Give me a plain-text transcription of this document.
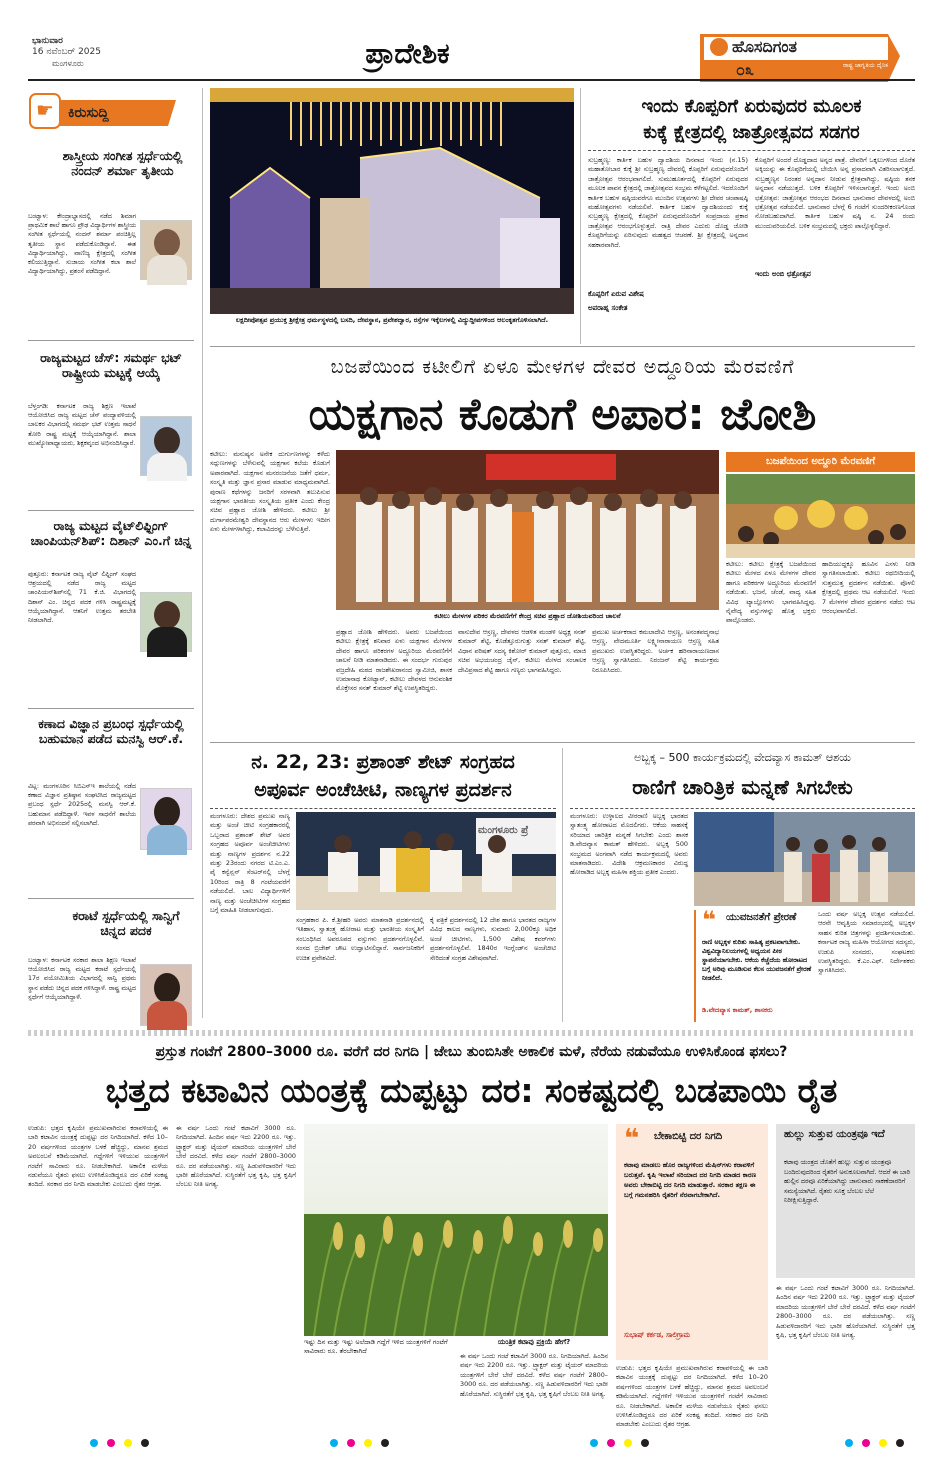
ಭಾನುವಾರ
16 ನವೆಂಬರ್ 2025
ಮಂಗಳೂರು	ಪ್ರಾದೇಶಿಕ	ಹೊಸದಿಗಂತ
ರಾಷ್ಟ್ರ ಜಾಗೃತಿಯ ದೈನಿಕ
೦೩
☛ ಕಿರುಸುದ್ದಿ
ಶಾಸ್ತ್ರೀಯ ಸಂಗೀತ ಸ್ಪರ್ಧೆಯಲ್ಲಿ ನಂದನ್ ಶರ್ಮಾ ತೃತೀಯ
ಬಂಟ್ವಾಳ: ಕೇಂದ್ರಾಭ್ಯಾಸದಲ್ಲಿ ನಡೆದ ಶಿಮಾಗ ಪ್ರಾಥಮಿಕ ಶಾಲೆ ಹಾಗೂ ಪ್ರೌಢ ವಿದ್ಯಾರ್ಥಿಗಳ ಶಾಸ್ತ್ರೀಯ ಸಂಗೀತ ಸ್ಪರ್ಧೆಯಲ್ಲಿ ನಂದನ್ ಶರ್ಮಾ ಪಂಚಿತ್ತಿಲ್ಲ ತೃತೀಯ ಸ್ಥಾನ ಪಡೆದುಕೊಂಡಿದ್ದಾನೆ. ಈತ ವಿದ್ಯಾರ್ಥಿಯಾಗಿದ್ದು, ವಾಣಿಜ್ಯ ಕ್ಷೇತ್ರದಲ್ಲಿ ಸಂಗೀತ ಕಲಿಯುತ್ತಿದ್ದಾನೆ. ಸುಜಾಯ ಸಂಗೀತ ಕಲಾ ಶಾಲೆ ವಿದ್ಯಾರ್ಥಿಯಾಗಿದ್ದು, ಪ್ರಶಂಸೆ ಪಡೆದಿದ್ದಾನೆ.
ರಾಜ್ಯಮಟ್ಟದ ಚೆಸ್: ಸಮರ್ಥ ಭಟ್ ರಾಷ್ಟ್ರೀಯ ಮಟ್ಟಕ್ಕೆ ಆಯ್ಕೆ
ಬೆಳ್ತಂಗಡಿ: ಕರ್ನಾಟಕ ರಾಜ್ಯ ಶಿಕ್ಷಣ ಇಲಾಖೆ ಆಯೋಜಿಸಿದ ರಾಜ್ಯ ಮಟ್ಟದ ಚೆಸ್ ಪಂದ್ಯಾವಳಿಯಲ್ಲಿ ಬಾಲಕರ ವಿಭಾಗದಲ್ಲಿ ಸಮರ್ಥ ಭಟ್ ಉತ್ತಮ ಸಾಧನೆ ತೋರಿ ರಾಷ್ಟ್ರ ಮಟ್ಟಕ್ಕೆ ಆಯ್ಕೆಯಾಗಿದ್ದಾನೆ. ಶಾಲಾ ಮುಖ್ಯೋಪಾಧ್ಯಾಯರು, ಶಿಕ್ಷಕವೃಂದ ಅಭಿನಂದಿಸಿದ್ದಾರೆ.
ರಾಜ್ಯ ಮಟ್ಟದ ವೈಟ್‌ಲಿಫ್ಟಿಂಗ್ ಚಾಂಪಿಯನ್‌ಶಿಪ್: ದಿಶಾನ್ ಎಂ.ಗೆ ಚಿನ್ನ
ಪುತ್ತೂರು: ಕರ್ನಾಟಕ ರಾಜ್ಯ ವೈಟ್ ಲಿಫ್ಟಿಂಗ್ ಸಂಘದ ಆಶ್ರಯದಲ್ಲಿ ನಡೆದ ರಾಜ್ಯ ಮಟ್ಟದ ಚಾಂಪಿಯನ್‌ಶಿಪ್‌ನಲ್ಲಿ 71 ಕೆ.ಜಿ. ವಿಭಾಗದಲ್ಲಿ ದಿಶಾನ್ ಎಂ. ಚಿನ್ನದ ಪದಕ ಗಳಿಸಿ ರಾಷ್ಟ್ರಮಟ್ಟಕ್ಕೆ ಆಯ್ಕೆಯಾಗಿದ್ದಾನೆ. ಆತನಿಗೆ ಉತ್ತಮ ತರಬೇತಿ ನೀಡಲಾಗಿದೆ.
ಕಣಾದ ವಿಜ್ಞಾನ ಪ್ರಬಂಧ ಸ್ಪರ್ಧೆಯಲ್ಲಿ ಬಹುಮಾನ ಪಡೆದ ಮನಸ್ವಿ ಆರ್.ಕೆ.
ವಿಟ್ಲ: ಮಂಗಳೂರಿನ ಸಿಬಿಎಸ್‌ಇ ಶಾಲೆಯಲ್ಲಿ ನಡೆದ ಕಣಾದ ವಿಜ್ಞಾನ ಪ್ರತಿಷ್ಠಾನ ಸಂಘಟಿಸಿದ ರಾಜ್ಯಮಟ್ಟದ ಪ್ರಬಂಧ ಸ್ಪರ್ಧೆ 2025ರಲ್ಲಿ ಮನಸ್ವಿ ಆರ್.ಕೆ. ಬಹುಮಾನ ಪಡೆದಿದ್ದಾಳೆ. ಇವಳ ಸಾಧನೆಗೆ ಶಾಲೆಯ ಪರವಾಗಿ ಅಭಿನಂದನೆ ಸಲ್ಲಿಸಲಾಗಿದೆ.
ಕರಾಟೆ ಸ್ಪರ್ಧೆಯಲ್ಲಿ ಸಾನ್ವಿಗೆ ಚಿನ್ನದ ಪದಕ
ಬಂಟ್ವಾಳ: ಕರ್ನಾಟಕ ಸರಕಾರ ಶಾಲಾ ಶಿಕ್ಷಣ ಇಲಾಖೆ ಆಯೋಜಿಸಿದ ರಾಜ್ಯ ಮಟ್ಟದ ಕರಾಟೆ ಸ್ಪರ್ಧೆಯಲ್ಲಿ 17ರ ವಯೋಮಿತಿಯ ವಿಭಾಗದಲ್ಲಿ ಸಾನ್ವಿ ಪ್ರಥಮ ಸ್ಥಾನ ಪಡೆದು ಚಿನ್ನದ ಪದಕ ಗಳಿಸಿದ್ದಾಳೆ. ರಾಷ್ಟ್ರ ಮಟ್ಟದ ಸ್ಪರ್ಧೆಗೆ ಆಯ್ಕೆಯಾಗಿದ್ದಾಳೆ.
ಲಕ್ಷದೀಪೋತ್ಸವ ಪ್ರಯುಕ್ತ ಶ್ರೀಕ್ಷೇತ್ರ ಧರ್ಮಸ್ಥಳದಲ್ಲಿ ಬಸದಿ, ದೇವಸ್ಥಾನ, ಪ್ರವೇಶದ್ವಾರ, ರಸ್ತೆಗಳ ಇಕ್ಕೆಲಗಳಲ್ಲಿ ವಿದ್ಯುದ್ದೀಪಗಳಿಂದ ಆಲಂಕೃತಗೊಳಿಸಲಾಗಿದೆ.
ಇಂದು ಕೊಪ್ಪರಿಗೆ ಏರುವುದರ ಮೂಲಕ
ಕುಕ್ಕೆ ಕ್ಷೇತ್ರದಲ್ಲಿ ಜಾತ್ರೋತ್ಸವದ ಸಡಗರ
ಸುಬ್ರಹ್ಮಣ್ಯ: ಕಾರ್ತಿಕ ಬಹುಳ ದ್ವಾದಶಿಯ ದಿನವಾದ ಇಂದು (ನ.15) ಮಹಾತೋಬಾರ ಕುಕ್ಕೆ ಶ್ರೀ ಸುಬ್ರಹ್ಮಣ್ಯ ದೇವರಲ್ಲಿ ಕೊಪ್ಪರಿಗೆ ಏರುವುದರೊಂದಿಗೆ ಜಾತ್ರೋತ್ಸವ ಆರಂಭವಾಗಲಿದೆ. ಸುಮುಹೂರ್ತದಲ್ಲಿ ಕೊಪ್ಪರಿಗೆ ಏರುವುದರ ಮೂಲಕ ಪಾವನ ಕ್ಷೇತ್ರದಲ್ಲಿ ಜಾತ್ರೋತ್ಸವದ ಸಂಭ್ರಮ ಕಳೆಗಟ್ಟಲಿದೆ. ಇದರೊಂದಿಗೆ ಕಾರ್ತಿಕ ಬಹುಳ ಷಷ್ಠಿಯವರೆಗೂ ಮುಂದಿನ ಉತ್ಸವಗಳು ಶ್ರೀ ದೇವರ ಚಂಪಾಷಷ್ಠಿ ಮಹೋತ್ಸವಗಳು ನಡೆಯಲಿವೆ. ಕಾರ್ತಿಕ ಬಹುಳ ದ್ವಾದಶಿಯಂದು ಕುಕ್ಕೆ ಸುಬ್ರಹ್ಮಣ್ಯ ಕ್ಷೇತ್ರದಲ್ಲಿ ಕೊಪ್ಪರಿಗೆ ಏರುವುದರೊಂದಿಗೆ ಸಂಪ್ರದಾಯ ಪ್ರಕಾರ ಜಾತ್ರೋತ್ಸವ ಆರಂಭಗೊಳ್ಳುತ್ತದೆ. ರಾತ್ರಿ ದೇವರ ಎದುರು ದೊಡ್ಡ ಜೋಡಿ ಕೊಪ್ಪರಿಗೆಯನ್ನು ಏರಿಸುವುದು ಮಹತ್ವದ ಆಚರಣೆ. ಶ್ರೀ ಕ್ಷೇತ್ರದಲ್ಲಿ ಅನ್ನದಾನ ಸಹಕಾರವಾಗಿದೆ.
ಕೊಪ್ಪರಿಗೆ ಏರುವ ವಿಶೇಷ
ಅಪರಾಹ್ನ ಸಂಕೇತ
ಕೊಪ್ಪರಿಗೆ ಅಂದರೆ ದೊಡ್ಡದಾದ ಅನ್ನದ ಪಾತ್ರೆ. ದೇವರಿಗೆ ಒಕ್ಕಲುಗಳಿಂದ ದೊರೆತ ಅಕ್ಕಿಯನ್ನು ಈ ಕೊಪ್ಪರಿಗೆಯಲ್ಲಿ ಬೇಯಿಸಿ ಅನ್ನ ಪ್ರಸಾದವಾಗಿ ವಿತರಿಸಲಾಗುತ್ತದೆ. ಸುಬ್ರಹ್ಮಣ್ಯನ ನಿರಂತರ ಅನ್ನದಾನ ನೀಡುವ ಕ್ಷೇತ್ರವಾಗಿದ್ದು, ಷಷ್ಠಿಯ ತನಕ ಅನ್ನದಾನ ನಡೆಯುತ್ತದೆ. ಬಳಿಕ ಕೊಪ್ಪರಿಗೆ ಇಳಿಸಲಾಗುತ್ತದೆ. ಇಂದು ಅಂಬಿ ಛತ್ರೋತ್ಸವ: ಜಾತ್ರೋತ್ಸವ ಆರಂಭದ ದಿನವಾದ ಭಾನುವಾರ ದೇವಳದಲ್ಲಿ ಅಂಬಿ ಛತ್ರೋತ್ಸವ ನಡೆಯಲಿದೆ. ಭಾನುವಾರ ಬೆಳಗ್ಗೆ 6 ಗಂಟೆಗೆ ಸುಂದರೀಕರಣಗೊಂಡ ನೋಡಬಹುದಾಗಿದೆ. ಕಾರ್ತಿಕ ಬಹುಳ ಷಷ್ಠಿ ನ. 24 ರಂದು ಮುಂದುವರಿಯಲಿದೆ. ಬಳಿಕ ಸಂಭ್ರಮದಲ್ಲಿ ಭಕ್ತರು ಪಾಲ್ಗೊಳ್ಳಲಿದ್ದಾರೆ.
ಇಂದು ಅಂಬಿ ಛತ್ರೋತ್ಸವ
ಬಜಪೆಯಿಂದ ಕಟೀಲಿಗೆ ಏಳೂ ಮೇಳಗಳ ದೇವರ ಅದ್ದೂರಿಯ ಮೆರವಣಿಗೆ
ಯಕ್ಷಗಾನ ಕೊಡುಗೆ ಅಪಾರ: ಜೋಶಿ
ಕಟೀಲು: ಮನುಷ್ಯನ ಅನೇಕ ದುರ್ಗುಣಗಳನ್ನು ಕಳೆದು ಸದ್ಗುಣಗಳನ್ನು ಬೆಳೆಸುವಲ್ಲಿ ಯಕ್ಷಗಾನ ಕಲೆಯ ಕೊಡುಗೆ ಅಪಾರವಾಗಿದೆ. ಯಕ್ಷಗಾನ ಮನರಂಜನೆಯ ಜತೆಗೆ ಧರ್ಮ, ಸಂಸ್ಕೃತಿ ಮತ್ತು ಜ್ಞಾನ ಪ್ರಸಾರ ಮಾಡುವ ಮಾಧ್ಯಮವಾಗಿದೆ. ಪುರಾಣ ಕಥೆಗಳನ್ನು ಜನರಿಗೆ ಸರಳವಾಗಿ ತಲುಪಿಸುವ ಯಕ್ಷಗಾನ ಭಾರತೀಯ ಸಂಸ್ಕೃತಿಯ ಪ್ರತೀಕ ಎಂದು ಕೇಂದ್ರ ಸಚಿವ ಪ್ರಹ್ಲಾದ ಜೋಶಿ ಹೇಳಿದರು. ಕಟೀಲು ಶ್ರೀ ದುರ್ಗಾಪರಮೇಶ್ವರಿ ದೇವಸ್ಥಾನದ ಆರು ಮೇಳಗಳು ಇದೀಗ ಏಳು ಮೇಳಗಳಾಗಿದ್ದು, ಕಲಾವಿದರನ್ನು ಬೆಳೆಸುತ್ತಿವೆ.
ಕಟೀಲು ಮೇಳಗಳ ಪರಿಕರ ಮೆರವಣಿಗೆಗೆ ಕೇಂದ್ರ ಸಚಿವ ಪ್ರಹ್ಲಾದ ಜೋಶಿಯವರಿಂದ ಚಾಲನೆ
ಪ್ರಹ್ಲಾದ ಜೋಶಿ ಹೇಳಿದರು. ಅವರು ಬಜಪೆಯಿಂದ ಕಟೀಲು ಕ್ಷೇತ್ರಕ್ಕೆ ಶನಿವಾರ ಏಳು ಯಕ್ಷಗಾನ ಮೇಳಗಳ ದೇವರ ಹಾಗೂ ಪರಿಕರಗಳ ಅದ್ದೂರಿಯ ಮೆರವಣಿಗೆಗೆ ಚಾಲನೆ ನೀಡಿ ಮಾತನಾಡಿದರು. ಈ ಸಂದರ್ಭ ಗುರುಪುರ ವಜ್ರದೇಹಿ ಮಠದ ರಾಜಶೇಖರಾನಂದ ಸ್ವಾಮೀಜಿ, ಶಾಸಕ ಉಮಾನಾಥ ಕೋಟ್ಯಾನ್, ಕಟೀಲು ದೇವಳದ ಆನುವಂಶಿಕ ಮೊಕ್ತೇಸರ ಸನತ್ ಕುಮಾರ್ ಶೆಟ್ಟಿ ಉಪಸ್ಥಿತರಿದ್ದರು.
ವಾಸುದೇವ ಆಸ್ರಣ್ಣ, ದೇವಳದ ಆಡಳಿತ ಮಂಡಳಿ ಅಧ್ಯಕ್ಷ ಸನತ್ ಕುಮಾರ್ ಶೆಟ್ಟಿ, ಕೊಡೆತ್ತೂರುಗುತ್ತು ಸನತ್ ಕುಮಾರ್ ಶೆಟ್ಟಿ, ವಿಧಾನ ಪರಿಷತ್ ಸದಸ್ಯ ಕಿಶೋರ್ ಕುಮಾರ್ ಪುತ್ತೂರು, ಮಾಜಿ ಸಚಿವ ಅಭಯಚಂದ್ರ ಜೈನ್, ಕಟೀಲು ಮೇಳದ ಸಂಚಾಲಕ ದೇವಿಪ್ರಸಾದ ಶೆಟ್ಟಿ ಹಾಗೂ ಗಣ್ಯರು ಭಾಗವಹಿಸಿದ್ದರು.
ಪ್ರಮುಖ ಅರ್ಚಕರಾದ ಕಮಲಾದೇವಿ ಆಸ್ರಣ್ಣ, ಅನಂತಪದ್ಮನಾಭ ಆಸ್ರಣ್ಣ, ವೇದಮೂರ್ತಿ ಲಕ್ಷ್ಮೀನಾರಾಯಣ ಆಸ್ರಣ್ಣ ಸಹಿತ ಪ್ರಮುಖರು ಉಪಸ್ಥಿತರಿದ್ದರು. ಅರ್ಚಕ ಹರಿನಾರಾಯಣದಾಸ ಆಸ್ರಣ್ಣ ಸ್ವಾಗತಿಸಿದರು. ನಿರಂಜನ್ ಶೆಟ್ಟಿ ಕಾರ್ಯಕ್ರಮ ನಿರೂಪಿಸಿದರು.
ಬಜಪೆಯಿಂದ ಅದ್ದೂರಿ ಮೆರವಣಿಗೆ
ಕಟೀಲು: ಕಟೀಲು ಕ್ಷೇತ್ರಕ್ಕೆ ಬಜಪೆಯಿಂದ ಕಟೀಲು ಮೇಳದ ಏಳೂ ಮೇಳಗಳ ದೇವರ ಹಾಗೂ ಪರಿಕರಗಳ ಅದ್ದೂರಿಯ ಮೆರವಣಿಗೆ ನಡೆಯಿತು. ಭಜನೆ, ಚೆಂಡೆ, ವಾದ್ಯ ಸಹಿತ ವಿವಿಧ ಟ್ಯಾಬ್ಲೋಗಳು ಭಾಗವಹಿಸಿದ್ದವು. ನೈವೇದ್ಯ ವಸ್ತುಗಳನ್ನು ಹೊತ್ತ ಭಕ್ತರು ಪಾಲ್ಗೊಂಡರು.
ಹಾದಿಯುದ್ದಕ್ಕೂ ಹೂವಿನ ಎಸಳು ನೀಡಿ ಸ್ವಾಗತಿಸಲಾಯಿತು. ಕಟೀಲು ರಥಬೀದಿಯಲ್ಲಿ ಸುತ್ತಮುತ್ತ ಪ್ರದರ್ಶನ ನಡೆಯಿತು. ಪೊಳಲಿ ಕ್ಷೇತ್ರದಲ್ಲಿ ಪ್ರಥಮ ಆಟ ನಡೆಯಲಿದೆ. ಇಂದು 7 ಮೇಳಗಳ ದೇವರ ಪ್ರದರ್ಶನ ನಡೆದು ಆಟ ಆರಂಭವಾಗಲಿದೆ.
ನ. 22, 23: ಪ್ರಶಾಂತ್ ಶೇಟ್ ಸಂಗ್ರಹದ
ಅಪೂರ್ವ ಅಂಚೆಚೀಟಿ, ನಾಣ್ಯಗಳ ಪ್ರದರ್ಶನ
ಮಂಗಳೂರು: ದೇಶದ ಪ್ರಮುಖ ನಾಣ್ಯ ಮತ್ತು ಅಂಚೆ ಚೀಟಿ ಸಂಗ್ರಹಕಾರರಲ್ಲಿ ಒಬ್ಬರಾದ ಪ್ರಶಾಂತ್ ಶೇಟ್ ಅವರ ಸಂಗ್ರಹದ ಅಪೂರ್ವ ಅಂಚೆಚೀಟಿಗಳು ಮತ್ತು ನಾಣ್ಯಗಳ ಪ್ರದರ್ಶನ ನ.22 ಮತ್ತು 23ರಂದು ನಗರದ ಟಿ.ಎಂ.ಎ. ಪೈ ಕನ್ವೆನ್ಷನ್ ಸೆಂಟರ್‌ನಲ್ಲಿ ಬೆಳಗ್ಗೆ 10ರಿಂದ ರಾತ್ರಿ 8 ಗಂಟೆಯವರೆಗೆ ನಡೆಯಲಿದೆ. ಬಾಲ ವಿದ್ಯಾರ್ಥಿಗಳಿಗೆ ನಾಣ್ಯ ಮತ್ತು ಅಂಚೆಚೀಟಿಗಳ ಸಂಗ್ರಹದ ಬಗ್ಗೆ ಮಾಹಿತಿ ನೀಡಲಾಗುವುದು.
ಮಂಗಳೂರು ಪ್ರೆ
ಸಂಗ್ರಹಕಾರ ಪಿ. ಕೆ.ಶ್ರೀಹರಿ ಅವರು ಮಾತನಾಡಿ ಪ್ರದರ್ಶನದಲ್ಲಿ ಇತಿಹಾಸ, ಸ್ವಾತಂತ್ರ್ಯ ಹೋರಾಟ ಮತ್ತು ಭಾರತೀಯ ಸಂಸ್ಕೃತಿಗೆ ಸಂಬಂಧಿಸಿದ ಅಪರೂಪದ ವಸ್ತುಗಳು ಪ್ರದರ್ಶನಗೊಳ್ಳಲಿವೆ. ಸಂಸದ ಬ್ರಿಜೇಶ್ ಚೌಟ ಉದ್ಘಾಟಿಸಲಿದ್ದಾರೆ. ಸಾರ್ವಜನಿಕರಿಗೆ ಉಚಿತ ಪ್ರವೇಶವಿದೆ.
ಕೈ ಪತ್ರಿಕೆ ಪ್ರದರ್ಶನದಲ್ಲಿ 12 ದೇಶ ಹಾಗೂ ಭಾರತದ ರಾಜ್ಯಗಳ ವಿವಿಧ ಕಾಲದ ನಾಣ್ಯಗಳು, ಸುಮಾರು 2,000ಕ್ಕೂ ಅಧಿಕ ಅಂಚೆ ಚೀಟಿಗಳು, 1,500 ವಿಶೇಷ ಕವರ್‌ಗಳು ಪ್ರದರ್ಶನಗೊಳ್ಳಲಿವೆ. 1840ರ ಇಂಗ್ಲೆಂಡ್‌ನ ಅಂಚೆಚೀಟಿ ಸೇರಿದಂತೆ ಸಂಗ್ರಹ ವಿಶೇಷವಾಗಿದೆ.
ಅಬ್ಬಕ್ಕ – 500 ಕಾರ್ಯಕ್ರಮದಲ್ಲಿ ವೇದವ್ಯಾಸ ಕಾಮತ್ ಆಶಯ
ರಾಣಿಗೆ ಚಾರಿತ್ರಿಕ ಮನ್ನಣೆ ಸಿಗಬೇಕು
ಮಂಗಳೂರು: ಉಳ್ಳಾಲದ ವೀರರಾಣಿ ಅಬ್ಬಕ್ಕ ಭಾರತದ ಸ್ವಾತಂತ್ರ್ಯ ಹೋರಾಟದ ಮೊದಲಿಗರು. ಆಕೆಯ ಸಾಹಸಕ್ಕೆ ಸರಿಯಾದ ಚಾರಿತ್ರಿಕ ಮನ್ನಣೆ ಸಿಗಬೇಕು ಎಂದು ಶಾಸಕ ಡಿ.ವೇದವ್ಯಾಸ ಕಾಮತ್ ಹೇಳಿದರು. ಅಬ್ಬಕ್ಕ 500 ಸಂಭ್ರಮದ ಅಂಗವಾಗಿ ನಡೆದ ಕಾರ್ಯಕ್ರಮದಲ್ಲಿ ಅವರು ಮಾತನಾಡಿದರು. ವಿದೇಶಿ ಆಕ್ರಮಣಕಾರರ ವಿರುದ್ಧ ಹೋರಾಡಿದ ಅಬ್ಬಕ್ಕ ಮಹಿಳಾ ಶಕ್ತಿಯ ಪ್ರತೀಕ ಎಂದರು.
❝ ಯುವಜನತೆಗೆ ಪ್ರೇರಣೆ
ರಾಣಿ ಅಬ್ಬಕ್ಕಳ ಕುರಿತು ಸಾಹಿತ್ಯ ಪ್ರಕಟವಾಗಬೇಕು. ವಿಶ್ವವಿದ್ಯಾನಿಲಯಗಳಲ್ಲಿ ಅಧ್ಯಯನ ಪೀಠ ಸ್ಥಾಪನೆಯಾಗಬೇಕು. ಆಕೆಯ ಕೆಚ್ಚೆದೆಯ ಹೋರಾಟದ ಬಗ್ಗೆ ಅರಿವು ಮೂಡಿಸುವ ಕೆಲಸ ಯುವಜನತೆಗೆ ಪ್ರೇರಣೆ ನೀಡಲಿದೆ.
ಡಿ.ವೇದವ್ಯಾಸ ಕಾಮತ್, ಶಾಸಕರು
ಒಂದು ವರ್ಷ ಅಬ್ಬಕ್ಕ ಉತ್ಸವ ನಡೆಯಲಿದೆ. ಆರನೇ ಆವೃತ್ತಿಯ ಸಮಾರಂಭದಲ್ಲಿ ಅಬ್ಬಕ್ಕಳ ಸಾಹಸ ಕುರಿತ ಚಿತ್ರಗಳನ್ನು ಪ್ರದರ್ಶಿಸಲಾಯಿತು. ಕರ್ನಾಟಕ ರಾಜ್ಯ ಮಹಿಳಾ ಆಯೋಗದ ಸದಸ್ಯರು, ಉಡುಪಿ ಸಂಸದರು, ಸಂಘಟಕರು ಉಪಸ್ಥಿತರಿದ್ದರು. ಕೆ.ಎಂ.ಎಫ್. ನಿರ್ದೇಶಕರು ಸ್ವಾಗತಿಸಿದರು.
ಪ್ರಸ್ತುತ ಗಂಟೆಗೆ 2800–3000 ರೂ. ವರೆಗೆ ದರ ನಿಗದಿ | ಜೇಬು ತುಂಬಿಸಿತೇ ಅಕಾಲಿಕ ಮಳೆ, ನೆರೆಯ ನಡುವೆಯೂ ಉಳಿಸಿಕೊಂಡ ಫಸಲು?
ಭತ್ತದ ಕಟಾವಿನ ಯಂತ್ರಕ್ಕೆ ದುಪ್ಪಟ್ಟು ದರ: ಸಂಕಷ್ಟದಲ್ಲಿ ಬಡಪಾಯಿ ರೈತ
ಉಡುಪಿ: ಭತ್ತದ ಕೃಷಿಯೇ ಪ್ರಮುಖವಾಗಿರುವ ಕರಾವಳಿಯಲ್ಲಿ ಈ ಬಾರಿ ಕಟಾವಿನ ಯಂತ್ರಕ್ಕೆ ದುಪ್ಪಟ್ಟು ದರ ನಿಗದಿಯಾಗಿದೆ. ಕಳೆದ 10–20 ವರ್ಷಗಳಿಂದ ಯಂತ್ರಗಳ ಬಳಕೆ ಹೆಚ್ಚಿದ್ದು, ಮಾನವ ಶ್ರಮದ ಅವಲಂಬನೆ ಕಡಿಮೆಯಾಗಿದೆ. ಗದ್ದೆಗಳಿಗೆ ಇಳಿಯುವ ಯಂತ್ರಗಳಿಗೆ ಗಂಟೆಗೆ ಸಾವಿರಾರು ರೂ. ನೀಡಬೇಕಾಗಿದೆ. ಅಕಾಲಿಕ ಮಳೆಯ ನಡುವೆಯೂ ರೈತರು ಫಸಲು ಉಳಿಸಿಕೊಂಡಿದ್ದರೂ ದರ ಏರಿಕೆ ಸಂಕಷ್ಟ ತಂದಿದೆ. ಸರಕಾರ ದರ ನಿಗದಿ ಮಾಡಬೇಕು ಎಂಬುದು ರೈತರ ಆಗ್ರಹ.
ಈ ವರ್ಷ ಒಂದು ಗಂಟೆ ಕಟಾವಿಗೆ 3000 ರೂ. ನಿಗದಿಯಾಗಿದೆ. ಹಿಂದಿನ ವರ್ಷ ಇದು 2200 ರೂ. ಇತ್ತು. ಟ್ರ್ಯಾಕ್ಟರ್ ಮತ್ತು ಟೈಯರ್ ಮಾದರಿಯ ಯಂತ್ರಗಳಿಗೆ ಬೇರೆ ಬೇರೆ ದರವಿದೆ. ಕಳೆದ ವರ್ಷ ಗಂಟೆಗೆ 2800–3000 ರೂ. ದರ ಪಡೆಯಲಾಗಿತ್ತು. ಸಣ್ಣ ಹಿಡುವಳಿದಾರರಿಗೆ ಇದು ಭಾರೀ ಹೊರೆಯಾಗಿದೆ. ಸುಸ್ಥಿರತೆಗೆ ಭತ್ತ ಕೃಷಿ, ಭತ್ತ ಕೃಷಿಗೆ ಬೆಂಬಲ ನೀತಿ ಅಗತ್ಯ.
ಇಷ್ಟು ದಿನ ಮತ್ತು ಇಷ್ಟು ಅಲೆದಾಡಿ ಗದ್ದೆಗೆ ಇಳಿದ ಯಂತ್ರಗಳಿಗೆ ಗಂಟೆಗೆ ಸಾವಿರಾರು ರೂ. ತೆರಬೇಕಾಗಿದೆ
ಯಂತ್ರಿಕ ಕಟಾವು ಪ್ರಕ್ರಿಯೆ ಹೇಗೆ?
ಈ ವರ್ಷ ಒಂದು ಗಂಟೆ ಕಟಾವಿಗೆ 3000 ರೂ. ನಿಗದಿಯಾಗಿದೆ. ಹಿಂದಿನ ವರ್ಷ ಇದು 2200 ರೂ. ಇತ್ತು. ಟ್ರ್ಯಾಕ್ಟರ್ ಮತ್ತು ಟೈಯರ್ ಮಾದರಿಯ ಯಂತ್ರಗಳಿಗೆ ಬೇರೆ ಬೇರೆ ದರವಿದೆ. ಕಳೆದ ವರ್ಷ ಗಂಟೆಗೆ 2800–3000 ರೂ. ದರ ಪಡೆಯಲಾಗಿತ್ತು. ಸಣ್ಣ ಹಿಡುವಳಿದಾರರಿಗೆ ಇದು ಭಾರೀ ಹೊರೆಯಾಗಿದೆ. ಸುಸ್ಥಿರತೆಗೆ ಭತ್ತ ಕೃಷಿ, ಭತ್ತ ಕೃಷಿಗೆ ಬೆಂಬಲ ನೀತಿ ಅಗತ್ಯ.
❝ ಬೇಕಾಬಿಟ್ಟಿ ದರ ನಿಗದಿ
ಕಟಾವು ಮಾಡಲು ಹೊರ ರಾಜ್ಯಗಳಿಂದ ಮೆಷಿನ್‌ಗಳು ಕರಾವಳಿಗೆ ಬರುತ್ತವೆ. ಕೃಷಿ ಇಲಾಖೆ ಸರಿಯಾದ ದರ ನಿಗದಿ ಮಾಡದ ಕಾರಣ ಅವರು ಬೇಕಾಬಿಟ್ಟಿ ದರ ನಿಗದಿ ಮಾಡುತ್ತಾರೆ. ಸರಕಾರ ತಕ್ಷಣ ಈ ಬಗ್ಗೆ ಗಮನಹರಿಸಿ ರೈತರಿಗೆ ನೆರವಾಗಬೇಕಾಗಿದೆ.
ಸುಭಾಷ್ ಕರ್ಕಡ, ಸಾಲಿಗ್ರಾಮ
ಉಡುಪಿ: ಭತ್ತದ ಕೃಷಿಯೇ ಪ್ರಮುಖವಾಗಿರುವ ಕರಾವಳಿಯಲ್ಲಿ ಈ ಬಾರಿ ಕಟಾವಿನ ಯಂತ್ರಕ್ಕೆ ದುಪ್ಪಟ್ಟು ದರ ನಿಗದಿಯಾಗಿದೆ. ಕಳೆದ 10–20 ವರ್ಷಗಳಿಂದ ಯಂತ್ರಗಳ ಬಳಕೆ ಹೆಚ್ಚಿದ್ದು, ಮಾನವ ಶ್ರಮದ ಅವಲಂಬನೆ ಕಡಿಮೆಯಾಗಿದೆ. ಗದ್ದೆಗಳಿಗೆ ಇಳಿಯುವ ಯಂತ್ರಗಳಿಗೆ ಗಂಟೆಗೆ ಸಾವಿರಾರು ರೂ. ನೀಡಬೇಕಾಗಿದೆ. ಅಕಾಲಿಕ ಮಳೆಯ ನಡುವೆಯೂ ರೈತರು ಫಸಲು ಉಳಿಸಿಕೊಂಡಿದ್ದರೂ ದರ ಏರಿಕೆ ಸಂಕಷ್ಟ ತಂದಿದೆ. ಸರಕಾರ ದರ ನಿಗದಿ ಮಾಡಬೇಕು ಎಂಬುದು ರೈತರ ಆಗ್ರಹ.
ಹುಲ್ಲು ಸುತ್ತುವ ಯಂತ್ರವೂ ಇದೆ
ಕಟಾವು ಯಂತ್ರದ ಜೊತೆಗೆ ಹುಲ್ಲು ಸುತ್ತುವ ಯಂತ್ರವೂ ಬಂದಿರುವುದರಿಂದ ರೈತರಿಗೆ ಅನುಕೂಲವಾಗಿದೆ. ಆದರೆ ಈ ಬಾರಿ ಹುಲ್ಲಿನ ದರವೂ ಏರಿಕೆಯಾಗಿದ್ದು ಜಾನುವಾರು ಸಾಕಣೆದಾರರಿಗೆ ಸಮಸ್ಯೆಯಾಗಿದೆ. ರೈತರು ಸೂಕ್ತ ಬೆಂಬಲ ಬೆಲೆ ನಿರೀಕ್ಷಿಸುತ್ತಿದ್ದಾರೆ.
ಈ ವರ್ಷ ಒಂದು ಗಂಟೆ ಕಟಾವಿಗೆ 3000 ರೂ. ನಿಗದಿಯಾಗಿದೆ. ಹಿಂದಿನ ವರ್ಷ ಇದು 2200 ರೂ. ಇತ್ತು. ಟ್ರ್ಯಾಕ್ಟರ್ ಮತ್ತು ಟೈಯರ್ ಮಾದರಿಯ ಯಂತ್ರಗಳಿಗೆ ಬೇರೆ ಬೇರೆ ದರವಿದೆ. ಕಳೆದ ವರ್ಷ ಗಂಟೆಗೆ 2800–3000 ರೂ. ದರ ಪಡೆಯಲಾಗಿತ್ತು. ಸಣ್ಣ ಹಿಡುವಳಿದಾರರಿಗೆ ಇದು ಭಾರೀ ಹೊರೆಯಾಗಿದೆ. ಸುಸ್ಥಿರತೆಗೆ ಭತ್ತ ಕೃಷಿ, ಭತ್ತ ಕೃಷಿಗೆ ಬೆಂಬಲ ನೀತಿ ಅಗತ್ಯ.
